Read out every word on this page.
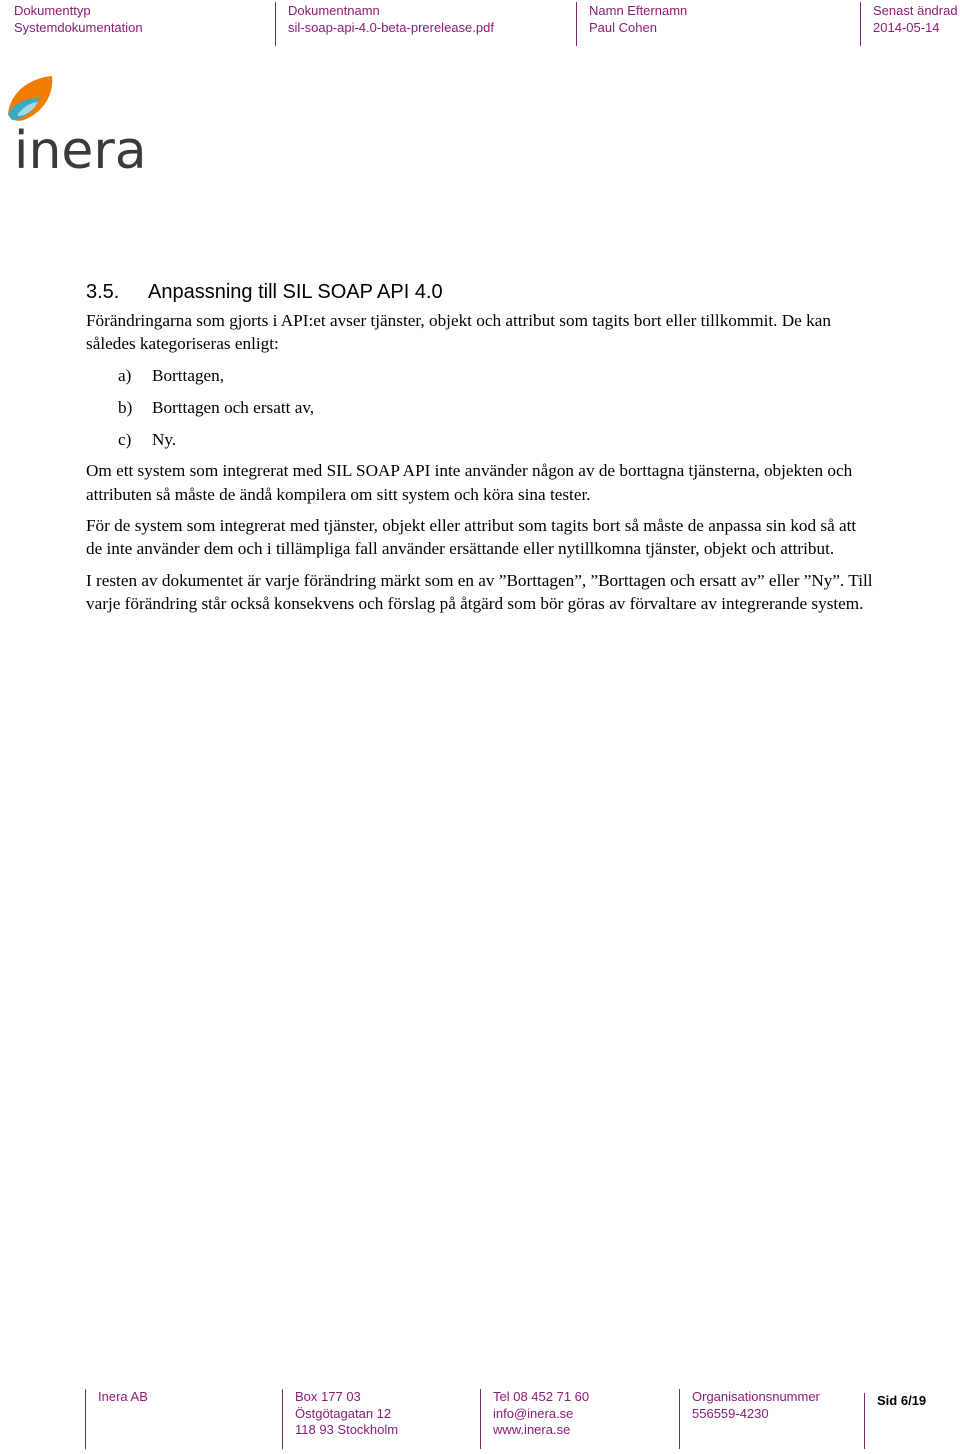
Dokumenttyp
Systemdokumentation
Dokumentnamn
sil-soap-api-4.0-beta-prerelease.pdf
Namn Efternamn
Paul Cohen
Senast ändrad
2014-05-14
inera
3.5. Anpassning till SIL SOAP API 4.0

Förändringarna som gjorts i API:et avser tjänster, objekt och attribut som tagits bort eller tillkommit. De kan således kategoriseras enligt:

a) Borttagen,
b) Borttagen och ersatt av,
c) Ny.

Om ett system som integrerat med SIL SOAP API inte använder någon av de borttagna tjänsterna, objekten och attributen så måste de ändå kompilera om sitt system och köra sina tester.

För de system som integrerat med tjänster, objekt eller attribut som tagits bort så måste de anpassa sin kod så att de inte använder dem och i tillämpliga fall använder ersättande eller nytillkomna tjänster, objekt och attribut.

I resten av dokumentet är varje förändring märkt som en av ”Borttagen”, ”Borttagen och ersatt av” eller ”Ny”. Till varje förändring står också konsekvens och förslag på åtgärd som bör göras av förvaltare av integrerande system.

Inera AB	Box 177 03
Östgötagatan 12
118 93 Stockholm
Tel 08 452 71 60
info@inera.se
www.inera.se
Organisationsnummer
556559-4230
Sid 6/19
